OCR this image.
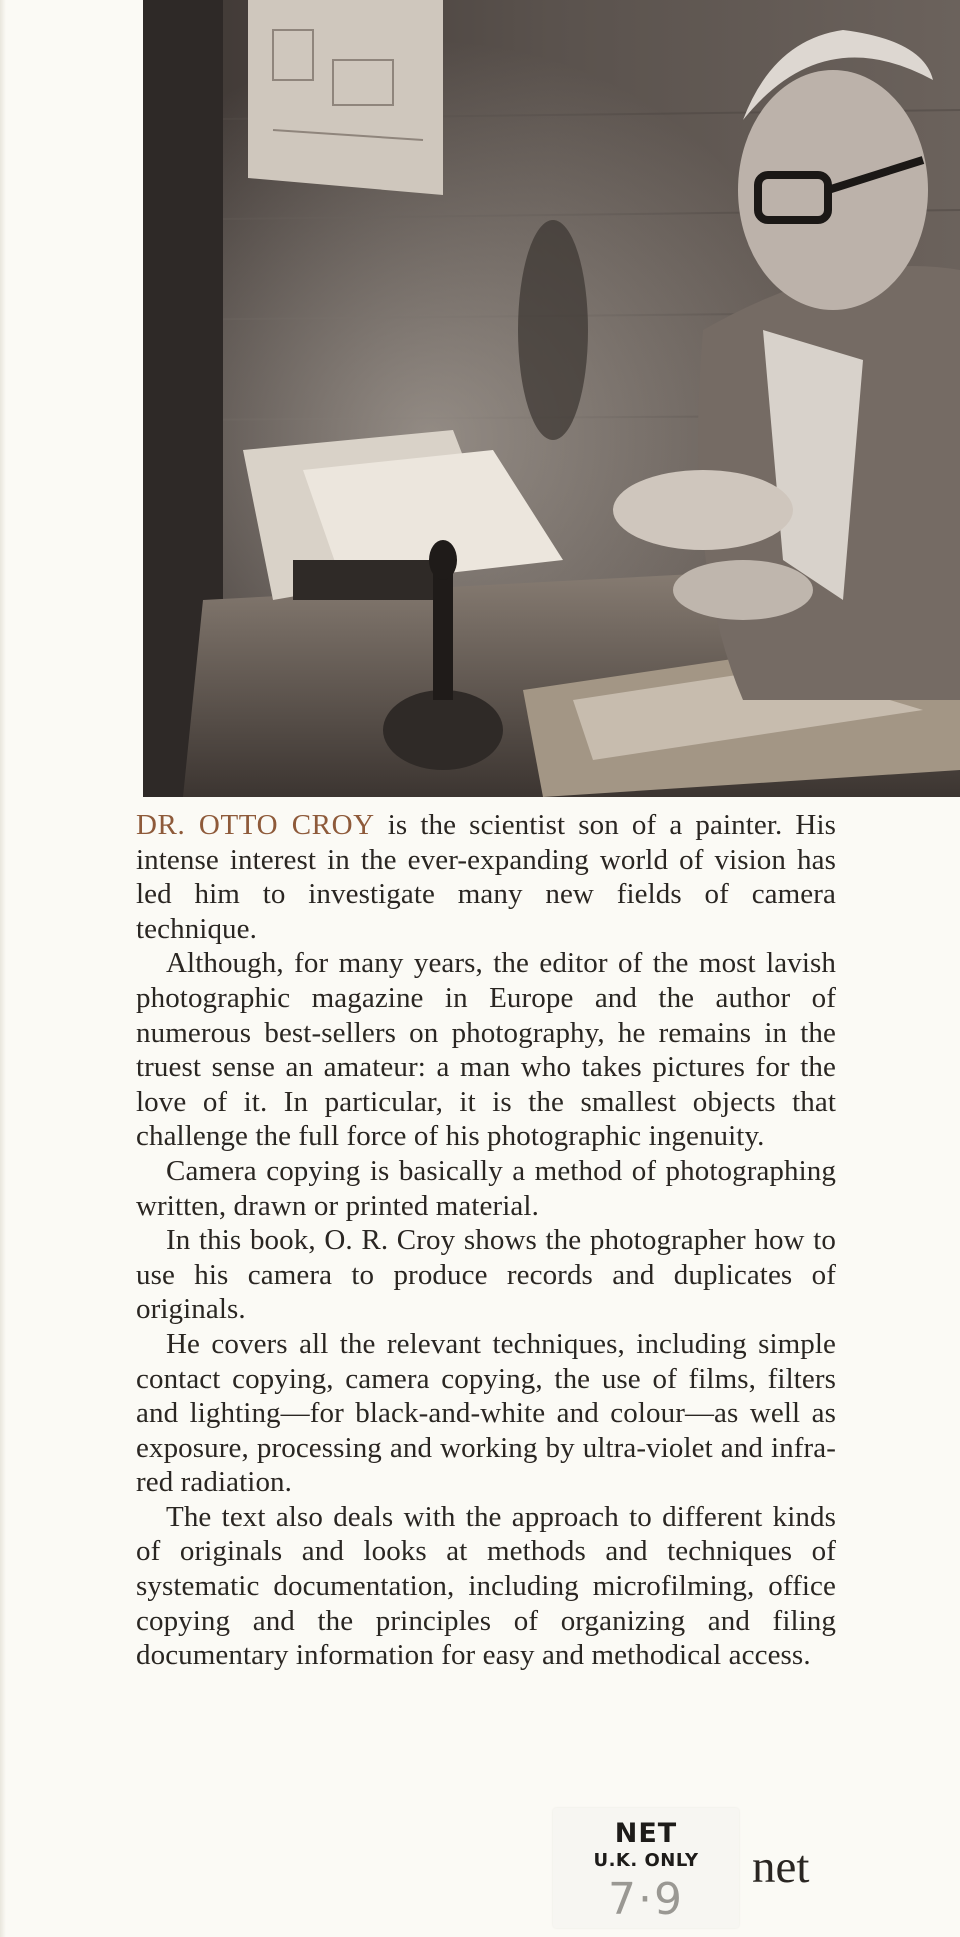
DR. OTTO CROY is the scientist son of a painter. His intense interest in the ever-expanding world of vision has led him to investigate many new fields of camera technique.

Although, for many years, the editor of the most lavish photographic magazine in Europe and the author of numerous best-sellers on photography, he remains in the truest sense an amateur: a man who takes pictures for the love of it. In particular, it is the smallest objects that challenge the full force of his photographic ingenuity.

Camera copying is basically a method of photographing written, drawn or printed material.

In this book, O. R. Croy shows the photographer how to use his camera to produce records and duplicates of originals.

He covers all the relevant techniques, including simple contact copying, camera copying, the use of films, filters and lighting—for black-and-white and colour—as well as exposure, processing and working by ultra-violet and infra-red radiation.

The text also deals with the approach to different kinds of originals and looks at methods and techniques of systematic documentation, including microfilming, office copying and the principles of organizing and filing documentary information for easy and methodical access.

NET
U.K. ONLY
7·9
net
